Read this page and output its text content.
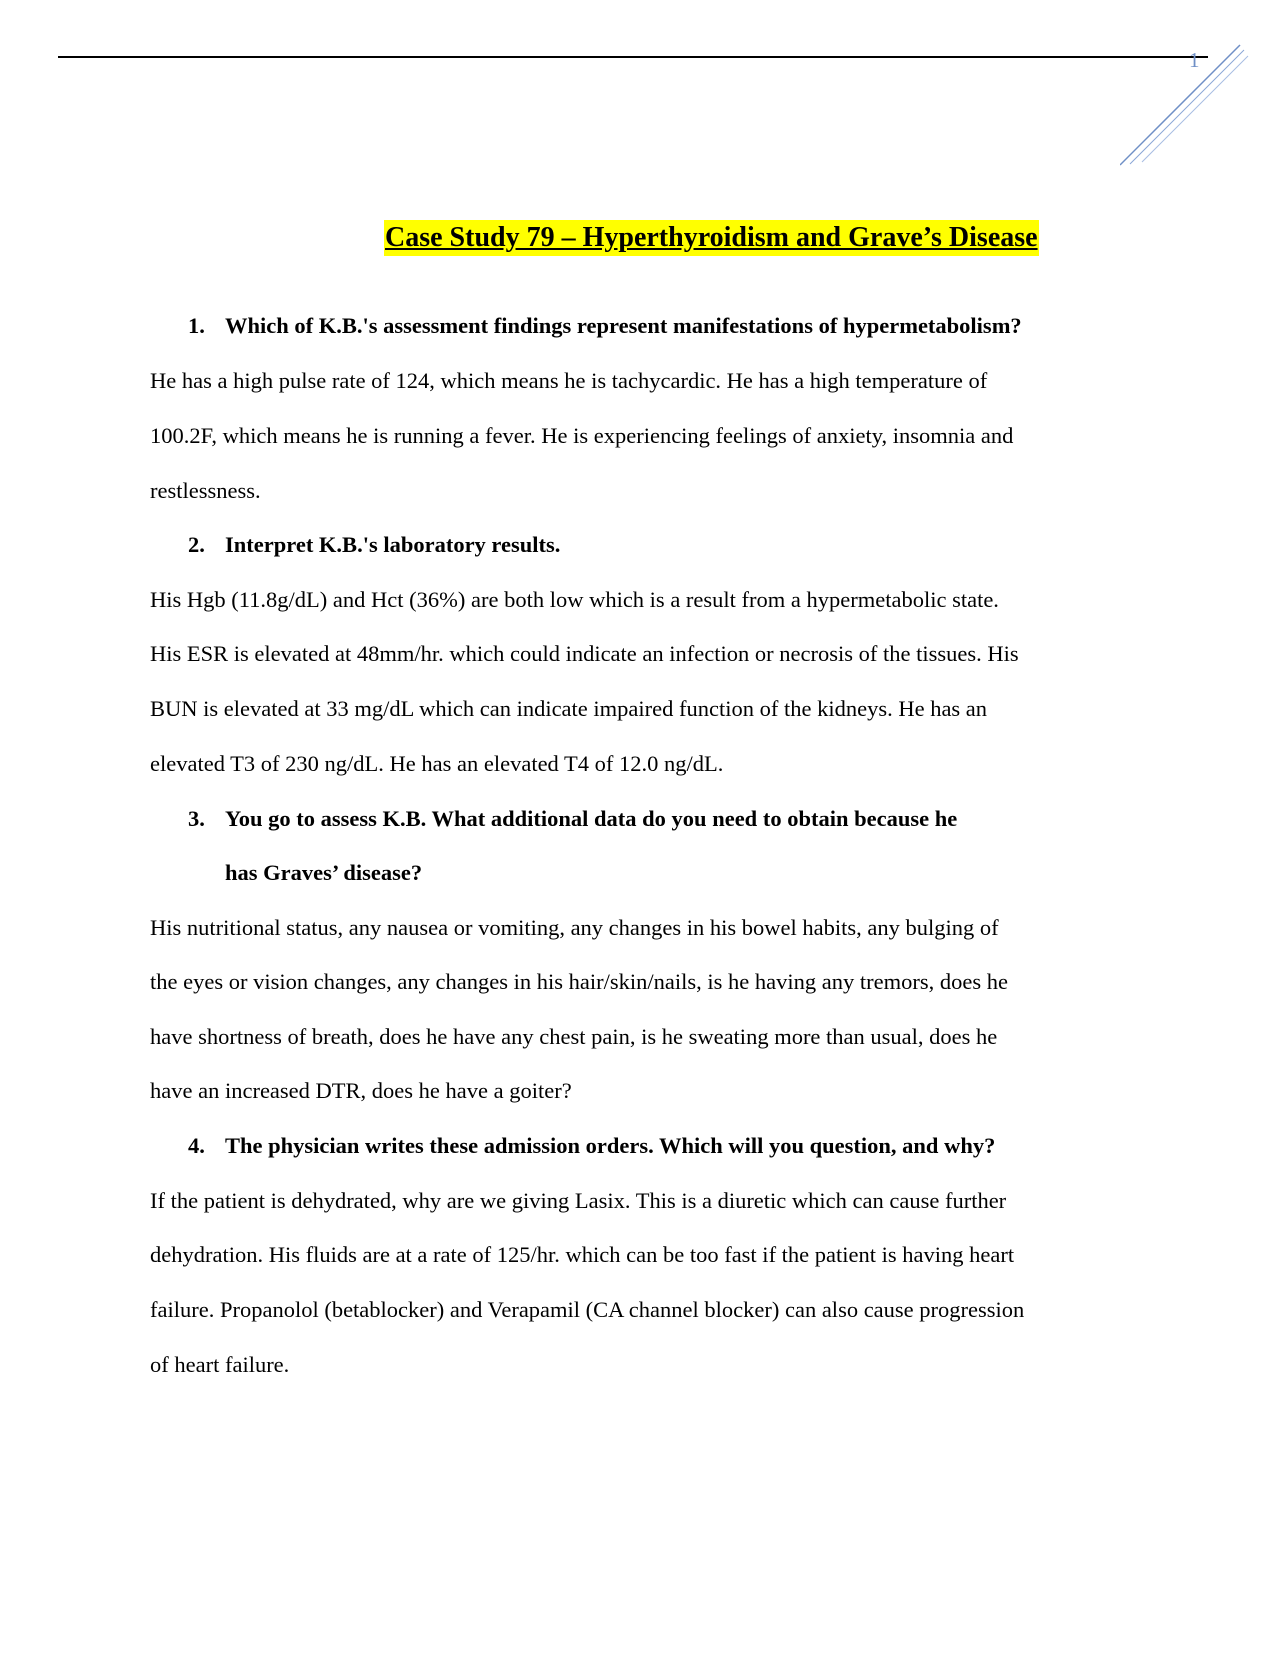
1
Case Study 79 – Hyperthyroidism and Grave’s Disease
1. Which of K.B.'s assessment findings represent manifestations of hypermetabolism?
He has a high pulse rate of 124, which means he is tachycardic. He has a high temperature of
100.2F, which means he is running a fever. He is experiencing feelings of anxiety, insomnia and
restlessness.
2. Interpret K.B.'s laboratory results.
His Hgb (11.8g/dL) and Hct (36%) are both low which is a result from a hypermetabolic state.
His ESR is elevated at 48mm/hr. which could indicate an infection or necrosis of the tissues. His
BUN is elevated at 33 mg/dL which can indicate impaired function of the kidneys. He has an
elevated T3 of 230 ng/dL. He has an elevated T4 of 12.0 ng/dL.
3. You go to assess K.B. What additional data do you need to obtain because he
has Graves’ disease?
His nutritional status, any nausea or vomiting, any changes in his bowel habits, any bulging of
the eyes or vision changes, any changes in his hair/skin/nails, is he having any tremors, does he
have shortness of breath, does he have any chest pain, is he sweating more than usual, does he
have an increased DTR, does he have a goiter?
4. The physician writes these admission orders. Which will you question, and why?
If the patient is dehydrated, why are we giving Lasix. This is a diuretic which can cause further
dehydration. His fluids are at a rate of 125/hr. which can be too fast if the patient is having heart
failure. Propanolol (betablocker) and Verapamil (CA channel blocker) can also cause progression
of heart failure.
